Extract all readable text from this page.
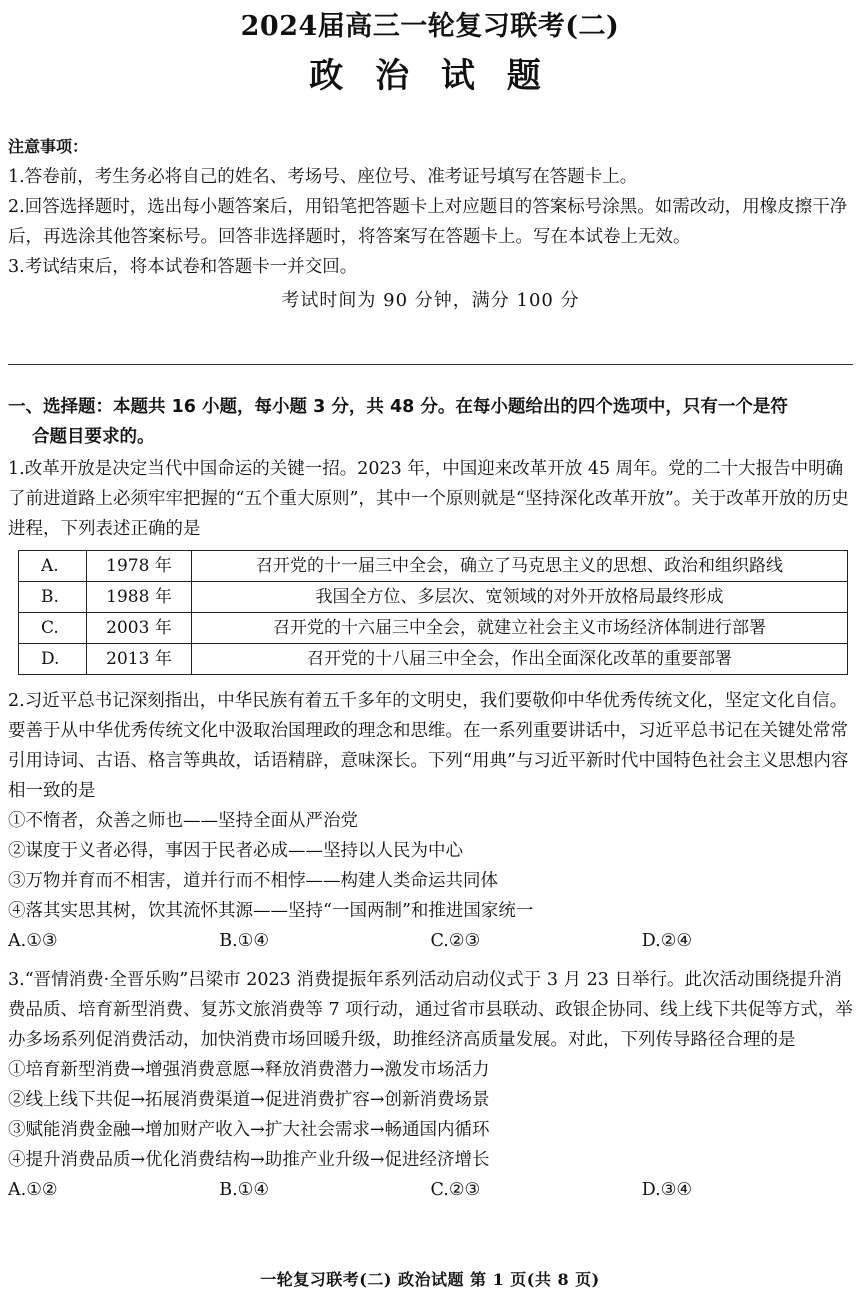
2024届高三一轮复习联考(二)
政 治 试 题
注意事项：
1.答卷前，考生务必将自己的姓名、考场号、座位号、准考证号填写在答题卡上。
2.回答选择题时，选出每小题答案后，用铅笔把答题卡上对应题目的答案标号涂黑。如需改动，用橡皮擦干净后，再选涂其他答案标号。回答非选择题时，将答案写在答题卡上。写在本试卷上无效。
3.考试结束后，将本试卷和答题卡一并交回。
考试时间为 90 分钟，满分 100 分
一、选择题：本题共 16 小题，每小题 3 分，共 48 分。在每小题给出的四个选项中，只有一个是符
合题目要求的。
1.改革开放是决定当代中国命运的关键一招。2023 年，中国迎来改革开放 45 周年。党的二十大报告中明确了前进道路上必须牢牢把握的“五个重大原则”，其中一个原则就是“坚持深化改革开放”。关于改革开放的历史进程，下列表述正确的是
A.	1978 年	召开党的十一届三中全会，确立了马克思主义的思想、政治和组织路线
B.	1988 年	我国全方位、多层次、宽领域的对外开放格局最终形成
C.	2003 年	召开党的十六届三中全会，就建立社会主义市场经济体制进行部署
D.	2013 年	召开党的十八届三中全会，作出全面深化改革的重要部署
2.习近平总书记深刻指出，中华民族有着五千多年的文明史，我们要敬仰中华优秀传统文化，坚定文化自信。要善于从中华优秀传统文化中汲取治国理政的理念和思维。在一系列重要讲话中，习近平总书记在关键处常常引用诗词、古语、格言等典故，话语精辟，意味深长。下列“用典”与习近平新时代中国特色社会主义思想内容相一致的是
①不惰者，众善之师也——坚持全面从严治党
②谋度于义者必得，事因于民者必成——坚持以人民为中心
③万物并育而不相害，道并行而不相悖——构建人类命运共同体
④落其实思其树，饮其流怀其源——坚持“一国两制”和推进国家统一
A.①③	B.①④	C.②③	D.②④
3.“晋情消费·全晋乐购”吕梁市 2023 消费提振年系列活动启动仪式于 3 月 23 日举行。此次活动围绕提升消费品质、培育新型消费、复苏文旅消费等 7 项行动，通过省市县联动、政银企协同、线上线下共促等方式，举办多场系列促消费活动，加快消费市场回暖升级，助推经济高质量发展。对此，下列传导路径合理的是
①培育新型消费→增强消费意愿→释放消费潜力→激发市场活力
②线上线下共促→拓展消费渠道→促进消费扩容→创新消费场景
③赋能消费金融→增加财产收入→扩大社会需求→畅通国内循环
④提升消费品质→优化消费结构→助推产业升级→促进经济增长
A.①②	B.①④	C.②③	D.③④
一轮复习联考(二) 政治试题 第 1 页(共 8 页)
